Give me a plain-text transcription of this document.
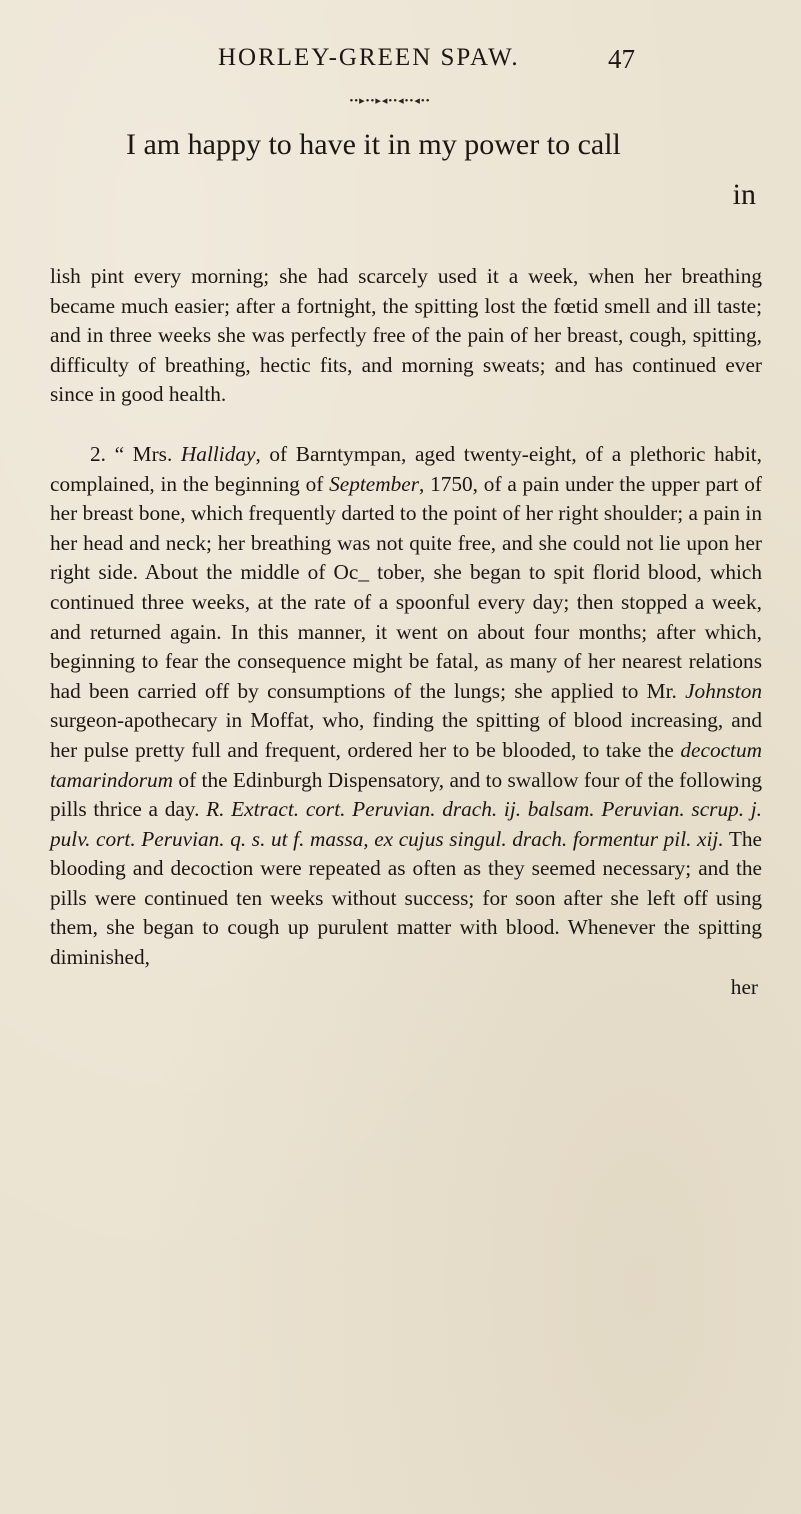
HORLEY-GREEN SPAW.	47
••▸••▸◂••◂••◂••
I am happy to have it in my power to call
in

lish pint every morning; she had scarcely used it a week, when her breathing became much easier; after a fortnight, the spitting lost the fœtid smell and ill taste; and in three weeks she was perfectly free of the pain of her breast, cough, spitting, difficulty of breathing, hectic fits, and morning sweats; and has continued ever since in good health.

2. “ Mrs. Halliday, of Barntympan, aged twenty-eight, of a plethoric habit, complained, in the beginning of September, 1750, of a pain under the upper part of her breast bone, which frequently darted to the point of her right shoulder; a pain in her head and neck; her breathing was not quite free, and she could not lie upon her right side. About the middle of Oc_ tober, she began to spit florid blood, which continued three weeks, at the rate of a spoonful every day; then stopped a week, and returned again. In this manner, it went on about four months; after which, beginning to fear the consequence might be fatal, as many of her nearest relations had been carried off by consumptions of the lungs; she applied to Mr. Johnston surgeon-apothecary in Moffat, who, finding the spitting of blood increasing, and her pulse pretty full and frequent, ordered her to be blooded, to take the decoctum tamarindorum of the Edinburgh Dispensatory, and to swallow four of the following pills thrice a day. R. Extract. cort. Peruvian. drach. ij. balsam. Peruvian. scrup. j. pulv. cort. Peruvian. q. s. ut f. massa, ex cujus singul. drach. formentur pil. xij. The blooding and decoction were repeated as often as they seemed necessary; and the pills were continued ten weeks without success; for soon after she left off using them, she began to cough up purulent matter with blood. Whenever the spitting diminished,

her
